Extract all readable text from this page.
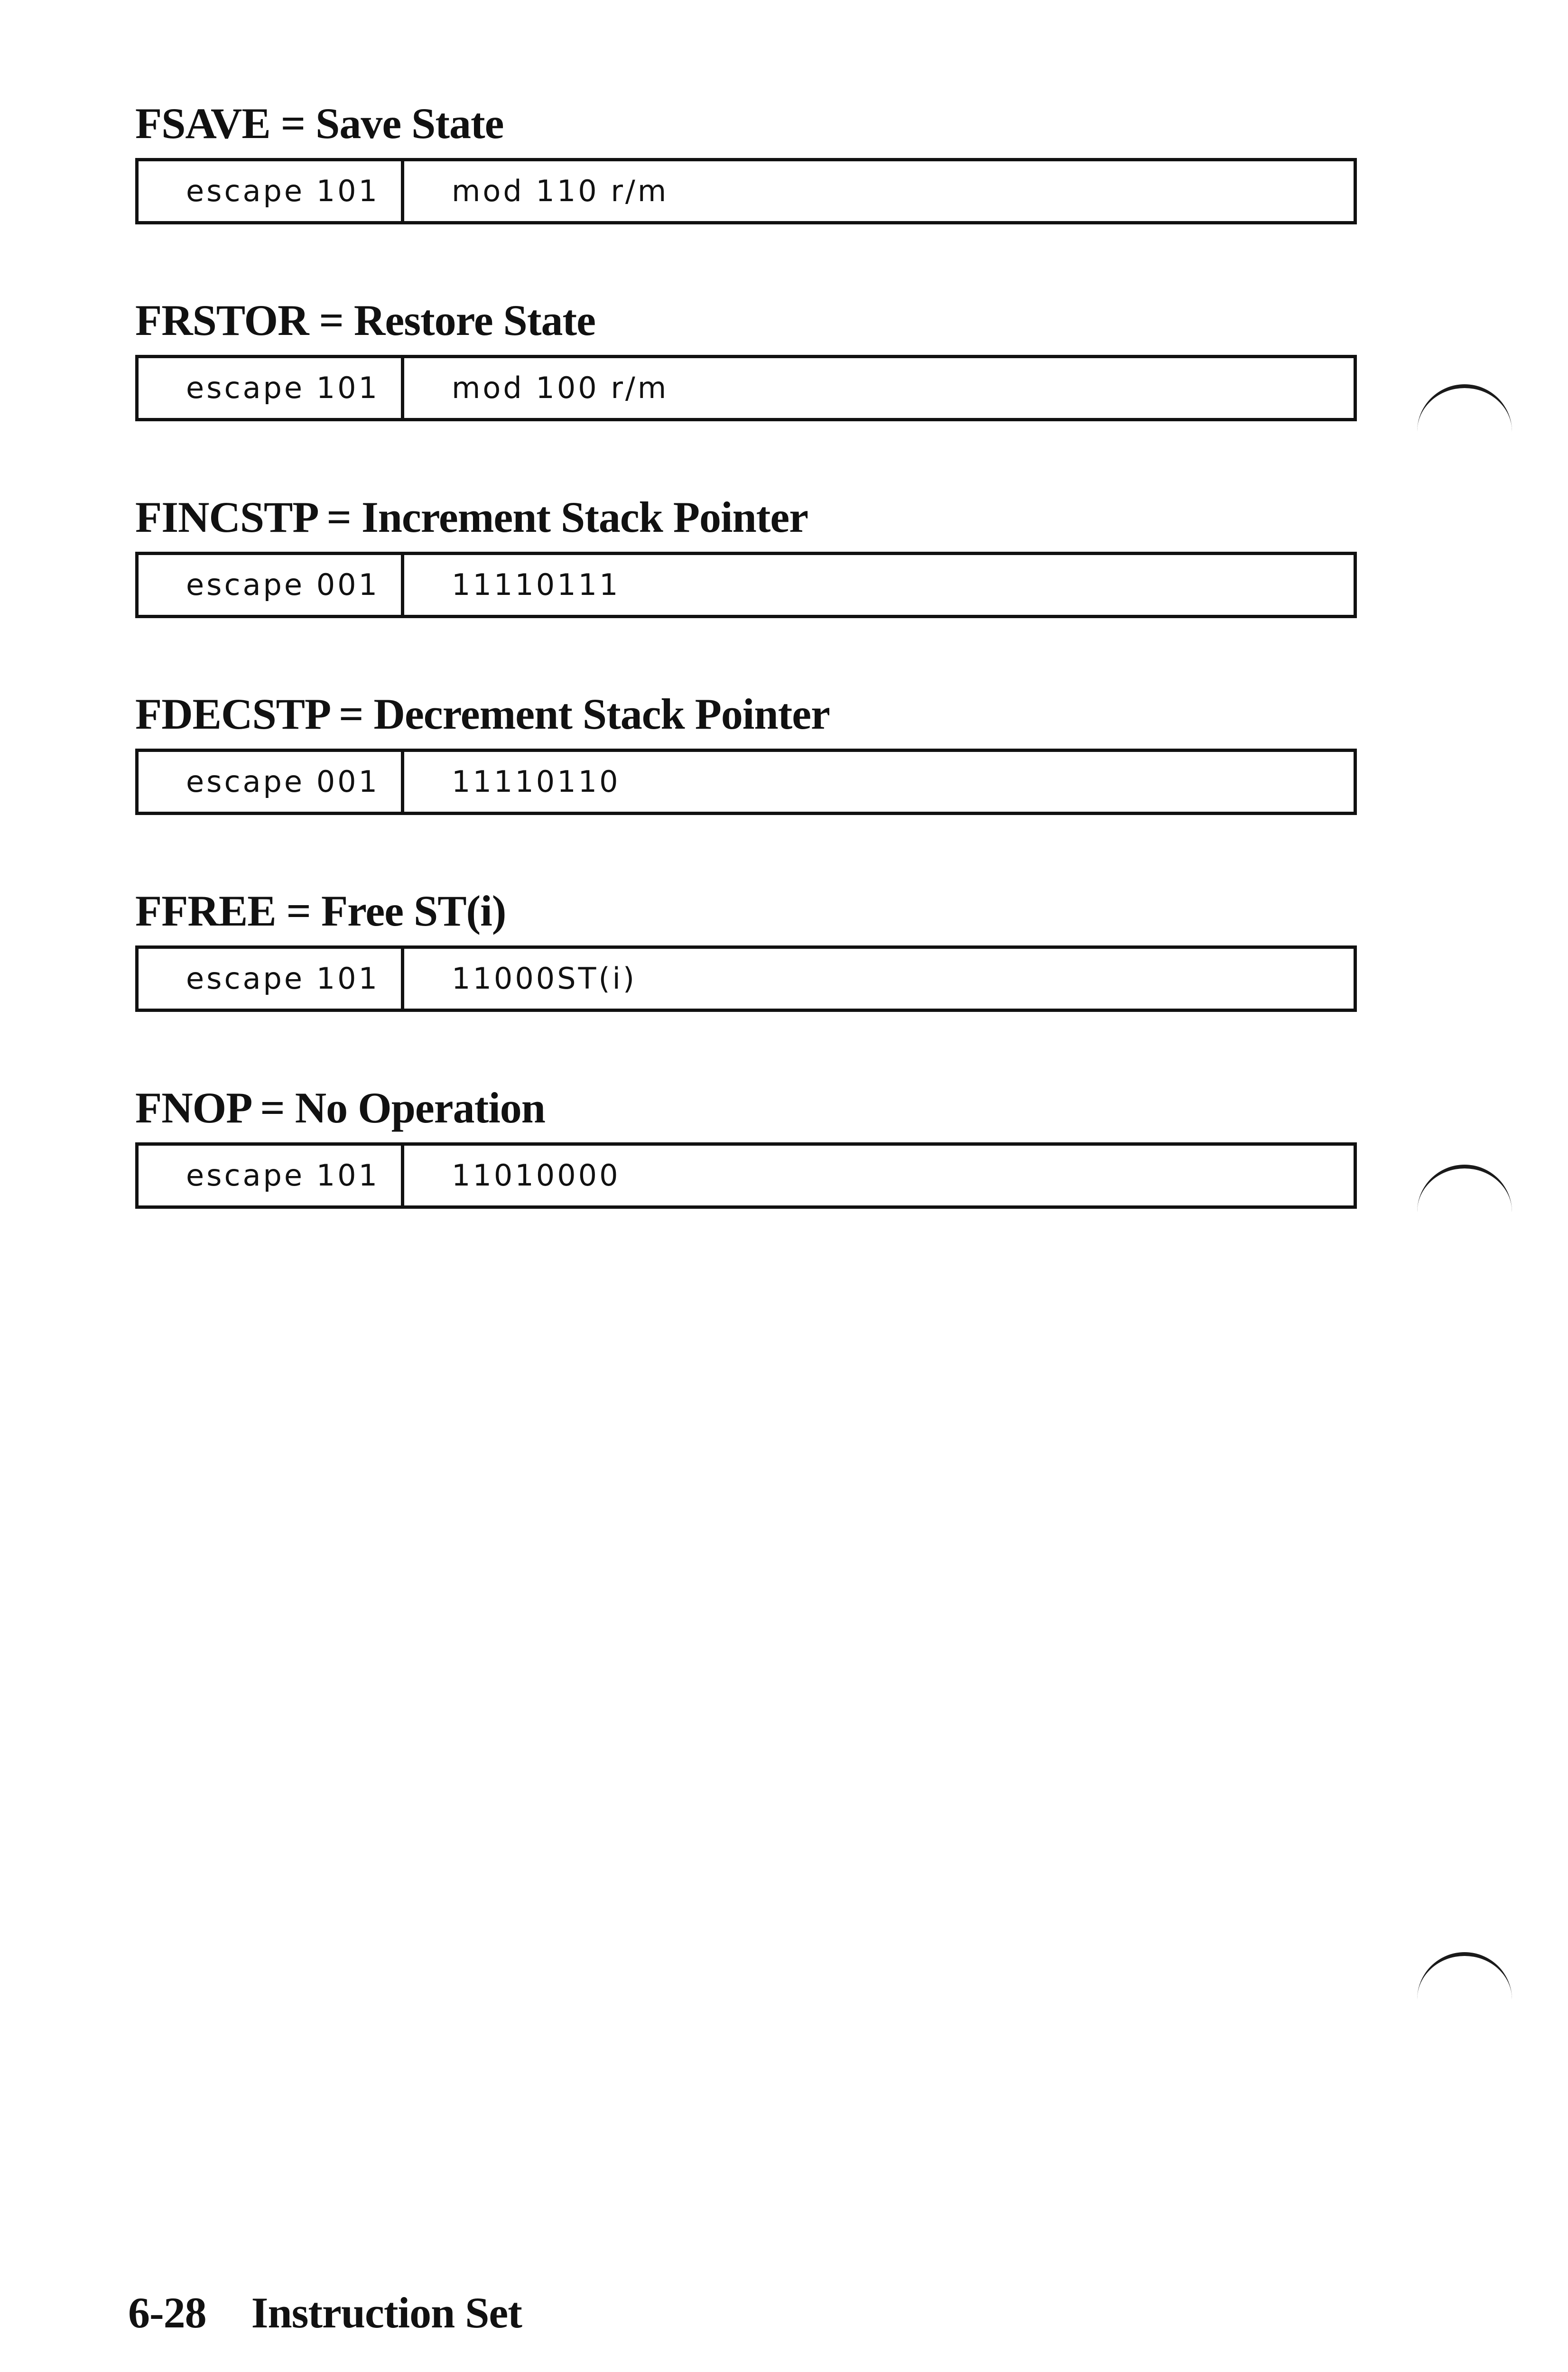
FSAVE = Save State
escape 101	mod 110 r/m
FRSTOR = Restore State
escape 101	mod 100 r/m
FINCSTP = Increment Stack Pointer
escape 001	11110111
FDECSTP = Decrement Stack Pointer
escape 001	11110110
FFREE = Free ST(i)
escape 101	11000ST(i)
FNOP = No Operation
escape 101	11010000
6-28 Instruction Set
